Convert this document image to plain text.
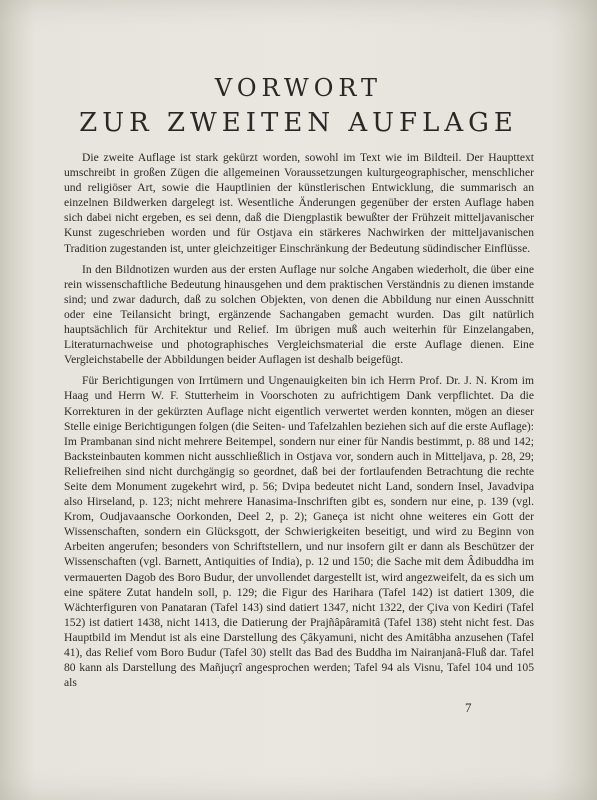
VORWORT
ZUR ZWEITEN AUFLAGE

Die zweite Auflage ist stark gekürzt worden, sowohl im Text wie im Bildteil. Der Haupttext umschreibt in großen Zügen die allgemeinen Voraussetzungen kulturgeographischer, menschlicher und religiöser Art, sowie die Hauptlinien der künstlerischen Entwicklung, die summarisch an einzelnen Bildwerken dargelegt ist. Wesentliche Änderungen gegenüber der ersten Auflage haben sich dabei nicht ergeben, es sei denn, daß die Diengplastik bewußter der Frühzeit mitteljavanischer Kunst zugeschrieben worden und für Ostjava ein stärkeres Nachwirken der mitteljavanischen Tradition zugestanden ist, unter gleichzeitiger Einschränkung der Bedeutung südindischer Einflüsse.

In den Bildnotizen wurden aus der ersten Auflage nur solche Angaben wiederholt, die über eine rein wissenschaftliche Bedeutung hinausgehen und dem praktischen Verständnis zu dienen imstande sind; und zwar dadurch, daß zu solchen Objekten, von denen die Abbildung nur einen Ausschnitt oder eine Teilansicht bringt, ergänzende Sachangaben gemacht wurden. Das gilt natürlich hauptsächlich für Architektur und Relief. Im übrigen muß auch weiterhin für Einzelangaben, Literaturnachweise und photographisches Vergleichsmaterial die erste Auflage dienen. Eine Vergleichstabelle der Abbildungen beider Auflagen ist deshalb beigefügt.

Für Berichtigungen von Irrtümern und Ungenauigkeiten bin ich Herrn Prof. Dr. J. N. Krom im Haag und Herrn W. F. Stutterheim in Voorschoten zu aufrichtigem Dank verpflichtet. Da die Korrekturen in der gekürzten Auflage nicht eigentlich verwertet werden konnten, mögen an dieser Stelle einige Berichtigungen folgen (die Seiten- und Tafelzahlen beziehen sich auf die erste Auflage): Im Prambanan sind nicht mehrere Beitempel, sondern nur einer für Nandis bestimmt, p. 88 und 142; Backsteinbauten kommen nicht ausschließlich in Ostjava vor, sondern auch in Mitteljava, p. 28, 29; Reliefreihen sind nicht durchgängig so geordnet, daß bei der fortlaufenden Betrachtung die rechte Seite dem Monument zugekehrt wird, p. 56; Dvipa bedeutet nicht Land, sondern Insel, Javadvipa also Hirseland, p. 123; nicht mehrere Hanasima-Inschriften gibt es, sondern nur eine, p. 139 (vgl. Krom, Oudjavaansche Oorkonden, Deel 2, p. 2); Ganeça ist nicht ohne weiteres ein Gott der Wissenschaften, sondern ein Glücksgott, der Schwierigkeiten beseitigt, und wird zu Beginn von Arbeiten angerufen; besonders von Schriftstellern, und nur insofern gilt er dann als Beschützer der Wissenschaften (vgl. Barnett, Antiquities of India), p. 12 und 150; die Sache mit dem Âdibuddha im vermauerten Dagob des Boro Budur, der unvollendet dargestellt ist, wird angezweifelt, da es sich um eine spätere Zutat handeln soll, p. 129; die Figur des Harihara (Tafel 142) ist datiert 1309, die Wächterfiguren von Panataran (Tafel 143) sind datiert 1347, nicht 1322, der Çiva von Kediri (Tafel 152) ist datiert 1438, nicht 1413, die Datierung der Prajñâpâramitâ (Tafel 138) steht nicht fest. Das Hauptbild im Mendut ist als eine Darstellung des Çâkyamuni, nicht des Amitâbha anzusehen (Tafel 41), das Relief vom Boro Budur (Tafel 30) stellt das Bad des Buddha im Nairanjanâ-Fluß dar. Tafel 80 kann als Darstellung des Mañjuçrî angesprochen werden; Tafel 94 als Visnu, Tafel 104 und 105 als

7
